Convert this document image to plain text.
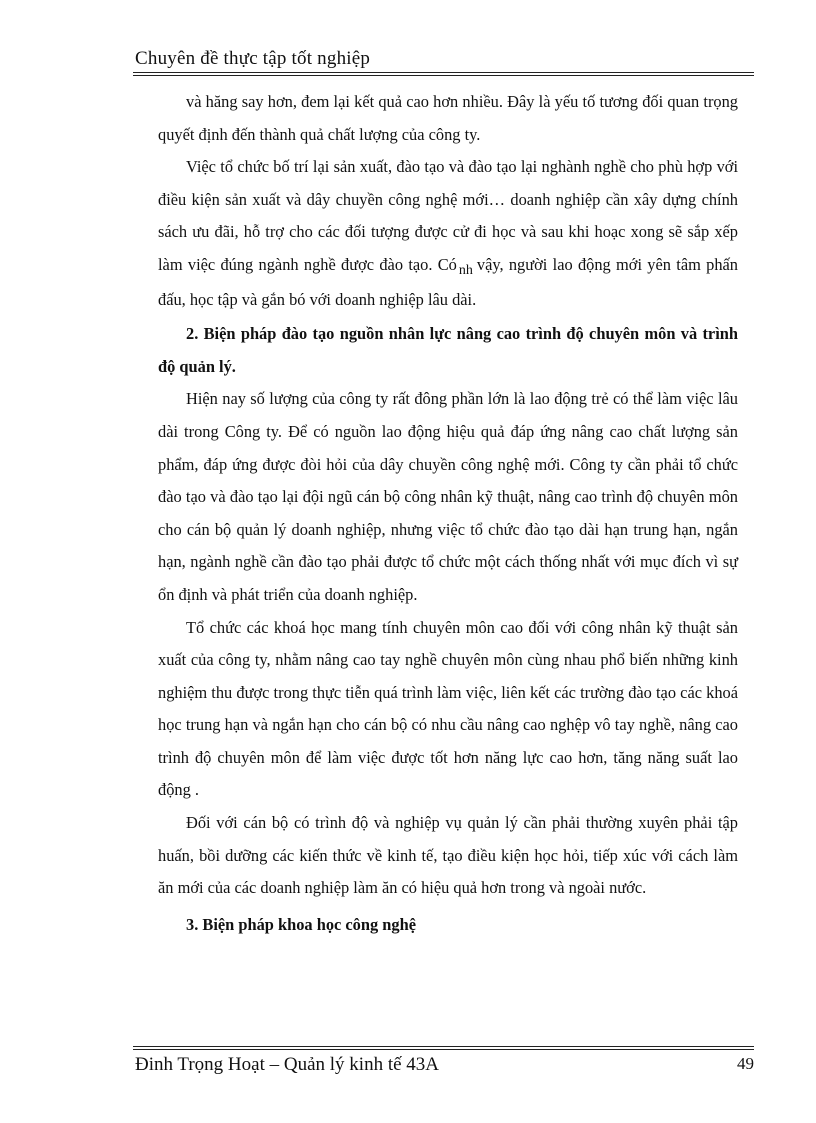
Chuyên đề thực tập tốt nghiệp

và hăng say hơn, đem lại kết quả cao hơn nhiều. Đây là yếu tố tương đối quan trọng quyết định đến thành quả chất lượng của công ty.

Việc tổ chức bố trí lại sản xuất, đào tạo và đào tạo lại nghành nghề cho phù hợp với điều kiện sản xuất và dây chuyền công nghệ mới… doanh nghiệp cần xây dựng chính sách ưu đãi, hỗ trợ cho các đối tượng được cử đi học và sau khi hoạc xong sẽ sắp xếp làm việc đúng ngành nghề được đào tạo. Có nh vậy, người lao động mới yên tâm phấn đấu, học tập và gắn bó với doanh nghiệp lâu dài.

2. Biện pháp đào tạo nguồn nhân lực nâng cao trình độ chuyên môn và trình độ quản lý.

Hiện nay số lượng của công ty rất đông phần lớn là lao động trẻ có thể làm việc lâu dài trong Công ty. Để có nguồn lao động hiệu quả đáp ứng nâng cao chất lượng sản phẩm, đáp ứng được đòi hỏi của dây chuyền công nghệ mới. Công ty cần phải tổ chức đào tạo và đào tạo lại đội ngũ cán bộ công nhân kỹ thuật, nâng cao trình độ chuyên môn cho cán bộ quản lý doanh nghiệp, nhưng việc tổ chức đào tạo dài hạn trung hạn, ngắn hạn, ngành nghề cần đào tạo phải được tổ chức một cách thống nhất với mục đích vì sự ổn định và phát triển của doanh nghiệp.

Tổ chức các khoá học mang tính chuyên môn cao đối với công nhân kỹ thuật sản xuất của công ty, nhằm nâng cao tay nghề chuyên môn cùng nhau phổ biến những kinh nghiệm thu được trong thực tiễn quá trình làm việc, liên kết các trường đào tạo các khoá học trung hạn và ngắn hạn cho cán bộ có nhu cầu nâng cao nghệp vô tay nghề, nâng cao trình độ chuyên môn để làm việc được tốt hơn năng lực cao hơn, tăng năng suất lao động .

Đối với cán bộ có trình độ và nghiệp vụ quản lý cần phải thường xuyên phải tập huấn, bồi dưỡng các kiến thức về kinh tế, tạo điều kiện học hỏi, tiếp xúc với cách làm ăn mới của các doanh nghiệp làm ăn có hiệu quả hơn trong và ngoài nước.

3. Biện pháp khoa học công nghệ

Đinh Trọng Hoạt – Quản lý kinh tế 43A	49
